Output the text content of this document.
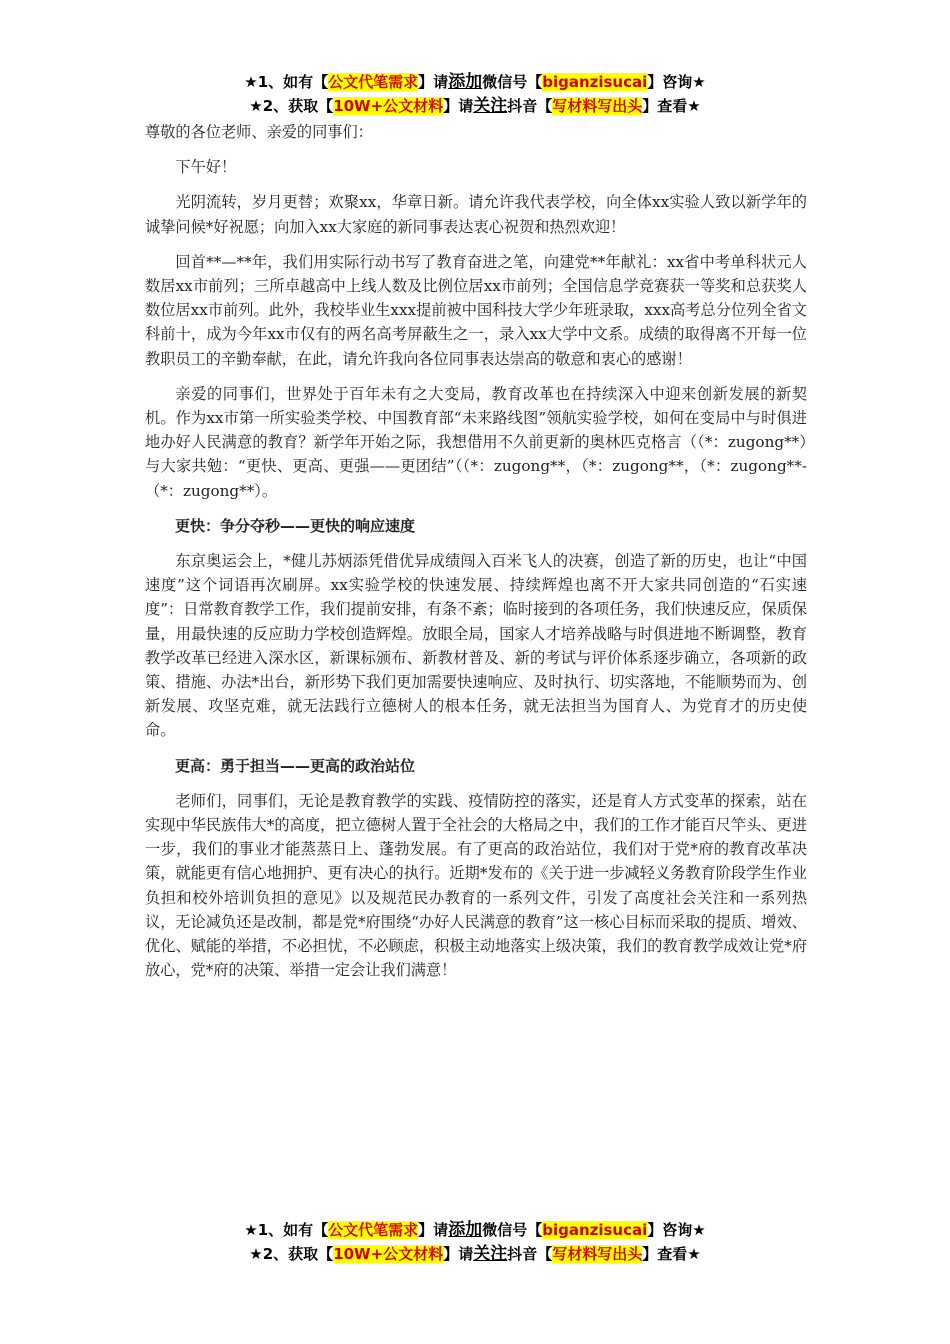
★1、如有【公文代笔需求】请添加微信号【biganzisucai】咨询★
★2、获取【10W+公文材料】请关注抖音【写材料写出头】查看★

尊敬的各位老师、亲爱的同事们：

下午好！

光阴流转，岁月更替；欢聚xx，华章日新。请允许我代表学校，向全体xx实验人致以新学年的诚挚问候*好祝愿；向加入xx大家庭的新同事表达衷心祝贺和热烈欢迎！

回首**—**年，我们用实际行动书写了教育奋进之笔，向建党**年献礼：xx省中考单科状元人数居xx市前列；三所卓越高中上线人数及比例位居xx市前列；全国信息学竞赛获一等奖和总获奖人数位居xx市前列。此外，我校毕业生xxx提前被中国科技大学少年班录取，xxx高考总分位列全省文科前十，成为今年xx市仅有的两名高考屏蔽生之一，录入xx大学中文系。成绩的取得离不开每一位教职员工的辛勤奉献，在此，请允许我向各位同事表达崇高的敬意和衷心的感谢！

亲爱的同事们，世界处于百年未有之大变局，教育改革也在持续深入中迎来创新发展的新契机。作为xx市第一所实验类学校、中国教育部“未来路线图”领航实验学校，如何在变局中与时俱进地办好人民满意的教育？新学年开始之际，我想借用不久前更新的奥林匹克格言（（*：zugong**）与大家共勉：“更快、更高、更强——更团结”（（*：zugong**，（*：zugong**，（*：zugong**-（*：zugong**）。

更快：争分夺秒——更快的响应速度

东京奥运会上，*健儿苏炳添凭借优异成绩闯入百米飞人的决赛，创造了新的历史，也让“中国速度”这个词语再次刷屏。xx实验学校的快速发展、持续辉煌也离不开大家共同创造的“石实速度”：日常教育教学工作，我们提前安排，有条不紊；临时接到的各项任务，我们快速反应，保质保量，用最快速的反应助力学校创造辉煌。放眼全局，国家人才培养战略与时俱进地不断调整，教育教学改革已经进入深水区，新课标颁布、新教材普及、新的考试与评价体系逐步确立，各项新的政策、措施、办法*出台，新形势下我们更加需要快速响应、及时执行、切实落地，不能顺势而为、创新发展、攻坚克难，就无法践行立德树人的根本任务，就无法担当为国育人、为党育才的历史使命。

更高：勇于担当——更高的政治站位

老师们，同事们，无论是教育教学的实践、疫情防控的落实，还是育人方式变革的探索，站在实现中华民族伟大*的高度，把立德树人置于全社会的大格局之中，我们的工作才能百尺竿头、更进一步，我们的事业才能蒸蒸日上、蓬勃发展。有了更高的政治站位，我们对于党*府的教育改革决策，就能更有信心地拥护、更有决心的执行。近期*发布的《关于进一步减轻义务教育阶段学生作业负担和校外培训负担的意见》以及规范民办教育的一系列文件，引发了高度社会关注和一系列热议，无论减负还是改制，都是党*府围绕“办好人民满意的教育”这一核心目标而采取的提质、增效、优化、赋能的举措，不必担忧，不必顾虑，积极主动地落实上级决策，我们的教育教学成效让党*府放心，党*府的决策、举措一定会让我们满意！

★1、如有【公文代笔需求】请添加微信号【biganzisucai】咨询★
★2、获取【10W+公文材料】请关注抖音【写材料写出头】查看★
